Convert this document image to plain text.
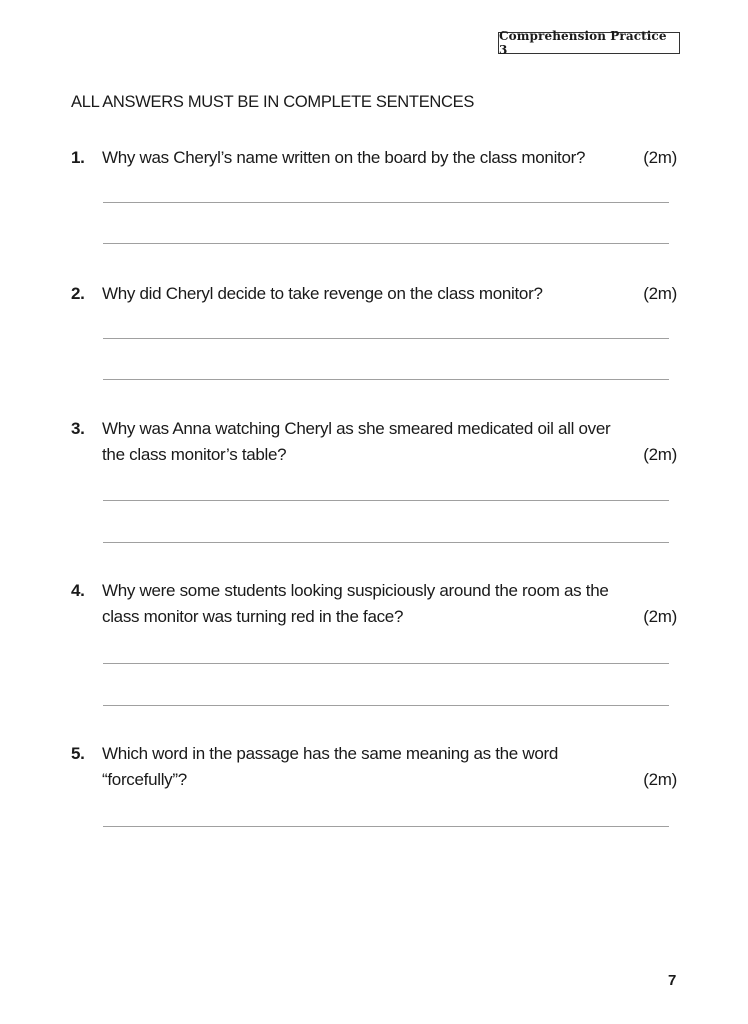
Comprehension Practice 3
ALL ANSWERS MUST BE IN COMPLETE SENTENCES
1. Why was Cheryl’s name written on the board by the class monitor?	(2m)
2. Why did Cheryl decide to take revenge on the class monitor?	(2m)
3. Why was Anna watching Cheryl as she smeared medicated oil all over
the class monitor’s table?	(2m)
4. Why were some students looking suspiciously around the room as the
class monitor was turning red in the face?	(2m)
5. Which word in the passage has the same meaning as the word
“forcefully”?	(2m)
7
